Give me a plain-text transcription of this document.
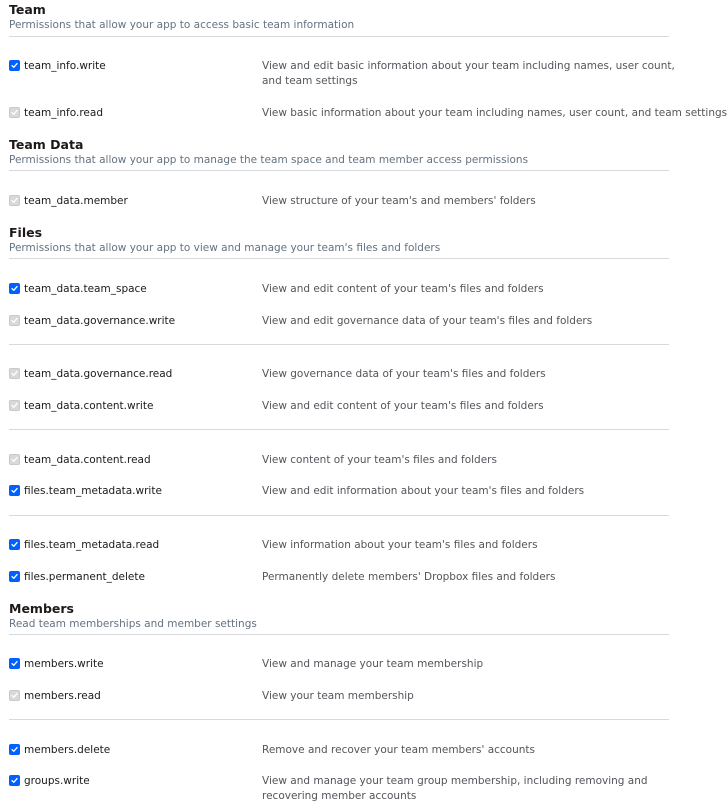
Team
Permissions that allow your app to access basic team information
team_info.write	View and edit basic information about your team including names, user count, and team settings
team_info.read	View basic information about your team including names, user count, and team settings
Team Data
Permissions that allow your app to manage the team space and team member access permissions
team_data.member	View structure of your team's and members' folders
Files
Permissions that allow your app to view and manage your team's files and folders
team_data.team_space	View and edit content of your team's files and folders
team_data.governance.write	View and edit governance data of your team's files and folders
team_data.governance.read	View governance data of your team's files and folders
team_data.content.write	View and edit content of your team's files and folders
team_data.content.read	View content of your team's files and folders
files.team_metadata.write	View and edit information about your team's files and folders
files.team_metadata.read	View information about your team's files and folders
files.permanent_delete	Permanently delete members' Dropbox files and folders
Members
Read team memberships and member settings
members.write	View and manage your team membership
members.read	View your team membership
members.delete	Remove and recover your team members' accounts
groups.write	View and manage your team group membership, including removing and recovering member accounts
